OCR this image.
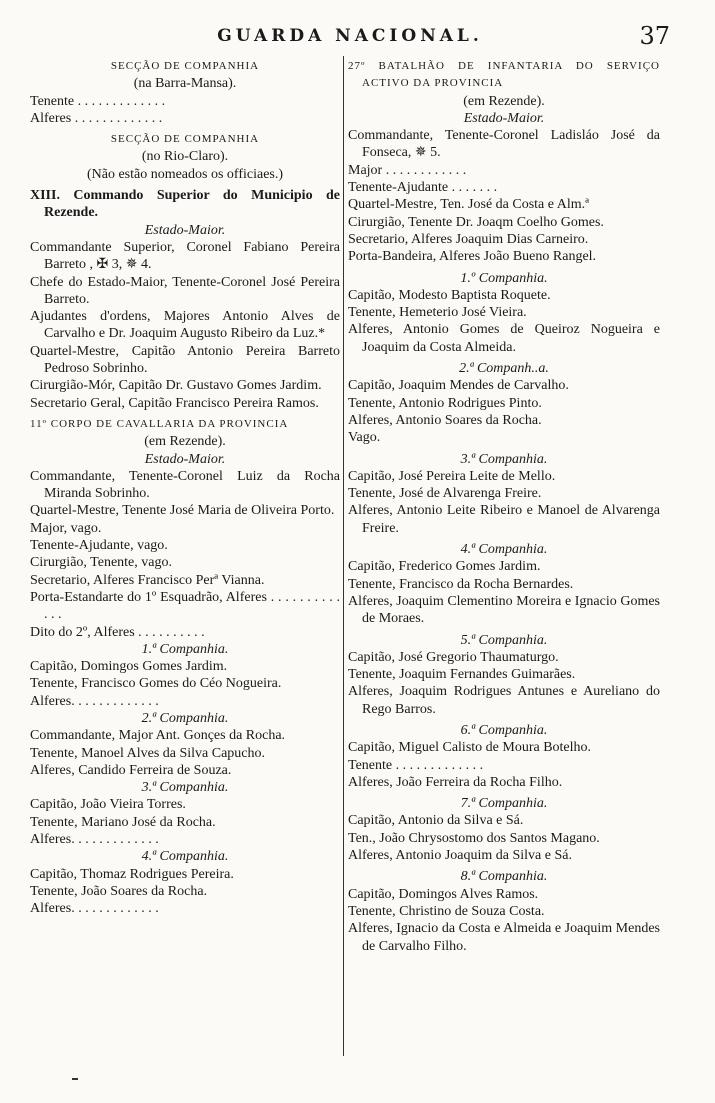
GUARDA NACIONAL.	37

SECÇÃO DE COMPANHIA

(na Barra-Mansa).

Tenente . . . . . . . . . . . . .

Alferes . . . . . . . . . . . . .

SECÇÃO DE COMPANHIA

(no Rio-Claro).

(Não estão nomeados os officiaes.)

XIII. Commando Superior do Municipio de Rezende.

Estado-Maior.

Commandante Superior, Coronel Fabiano Pereira Barreto , ✠ 3, ✵ 4.

Chefe do Estado-Maior, Tenente-Coronel José Pereira Barreto.

Ajudantes d'ordens, Majores Antonio Alves de Carvalho e Dr. Joaquim Augusto Ribeiro da Luz.*

Quartel-Mestre, Capitão Antonio Pereira Barreto Pedroso Sobrinho.

Cirurgião-Mór, Capitão Dr. Gustavo Gomes Jardim.

Secretario Geral, Capitão Francisco Pereira Ramos.

11º CORPO DE CAVALLARIA DA PROVINCIA

(em Rezende).

Estado-Maior.

Commandante, Tenente-Coronel Luiz da Rocha Miranda Sobrinho.

Quartel-Mestre, Tenente José Maria de Oliveira Porto.

Major, vago.

Tenente-Ajudante, vago.

Cirurgião, Tenente, vago.

Secretario, Alferes Francisco Perª Vianna.

Porta-Estandarte do 1º Esquadrão, Alferes . . . . . . . . . . . . .

Dito do 2º, Alferes . . . . . . . . . .

1.ª Companhia.

Capitão, Domingos Gomes Jardim.

Tenente, Francisco Gomes do Céo Nogueira.

Alferes. . . . . . . . . . . . .

2.ª Companhia.

Commandante, Major Ant. Gonçes da Rocha.

Tenente, Manoel Alves da Silva Capucho.

Alferes, Candido Ferreira de Souza.

3.ª Companhia.

Capitão, João Vieira Torres.

Tenente, Mariano José da Rocha.

Alferes. . . . . . . . . . . . .

4.ª Companhia.

Capitão, Thomaz Rodrigues Pereira.

Tenente, João Soares da Rocha.

Alferes. . . . . . . . . . . . .

27º BATALHÃO DE INFANTARIA DO SERVIÇO ACTIVO DA PROVINCIA

(em Rezende).

Estado-Maior.

Commandante, Tenente-Coronel Ladisláo José da Fonseca, ✵ 5.

Major . . . . . . . . . . . .

Tenente-Ajudante . . . . . . .

Quartel-Mestre, Ten. José da Costa e Alm.ª

Cirurgião, Tenente Dr. Joaqm Coelho Gomes.

Secretario, Alferes Joaquim Dias Carneiro.

Porta-Bandeira, Alferes João Bueno Rangel.

1.º Companhia.

Capitão, Modesto Baptista Roquete.

Tenente, Hemeterio José Vieira.

Alferes, Antonio Gomes de Queiroz Nogueira e Joaquim da Costa Almeida.

2.ª Companh..a.

Capitão, Joaquim Mendes de Carvalho.

Tenente, Antonio Rodrigues Pinto.

Alferes, Antonio Soares da Rocha.

Vago.

3.ª Companhia.

Capitão, José Pereira Leite de Mello.

Tenente, José de Alvarenga Freire.

Alferes, Antonio Leite Ribeiro e Manoel de Alvarenga Freire.

4.ª Companhia.

Capitão, Frederico Gomes Jardim.

Tenente, Francisco da Rocha Bernardes.

Alferes, Joaquim Clementino Moreira e Ignacio Gomes de Moraes.

5.ª Companhia.

Capitão, José Gregorio Thaumaturgo.

Tenente, Joaquim Fernandes Guimarães.

Alferes, Joaquim Rodrigues Antunes e Aureliano do Rego Barros.

6.ª Companhia.

Capitão, Miguel Calisto de Moura Botelho.

Tenente . . . . . . . . . . . . .

Alferes, João Ferreira da Rocha Filho.

7.ª Companhia.

Capitão, Antonio da Silva e Sá.

Ten., João Chrysostomo dos Santos Magano.

Alferes, Antonio Joaquim da Silva e Sá.

8.ª Companhia.

Capitão, Domingos Alves Ramos.

Tenente, Christino de Souza Costa.

Alferes, Ignacio da Costa e Almeida e Joaquim Mendes de Carvalho Filho.
